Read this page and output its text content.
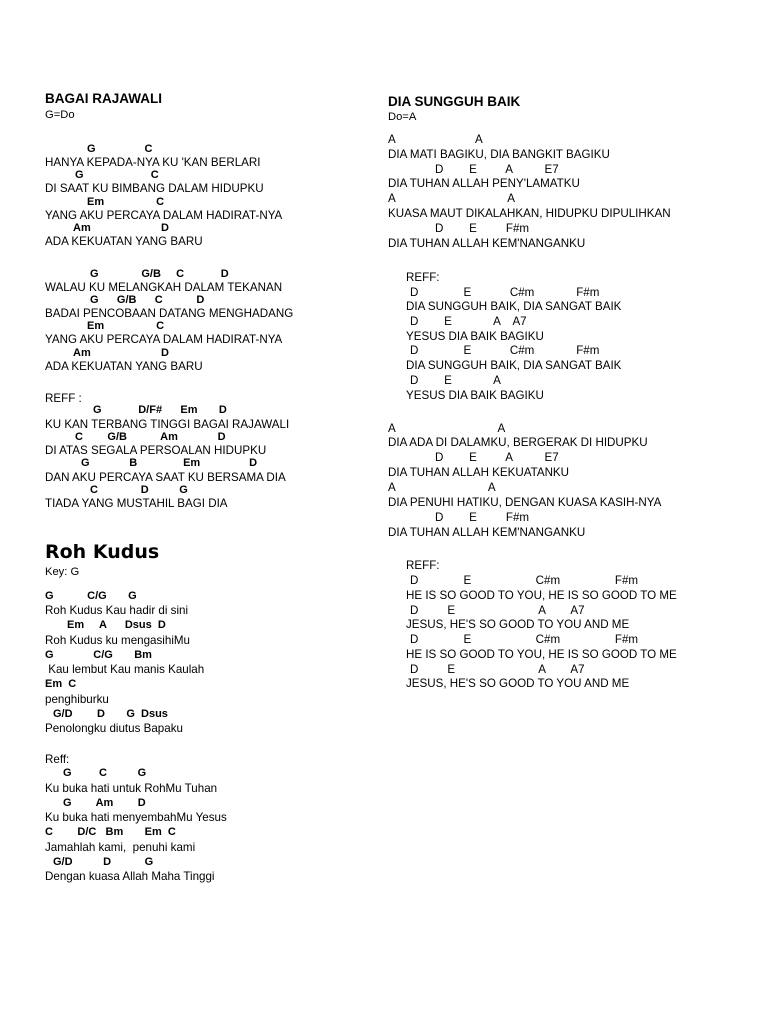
BAGAI RAJAWALI
G=Do
G                C
HANYA KEPADA-NYA KU 'KAN BERLARI
G                      C
DI SAAT KU BIMBANG DALAM HIDUPKU
Em                 C
YANG AKU PERCAYA DALAM HADIRAT-NYA
Am                       D
ADA KEKUATAN YANG BARU
G              G/B     C            D
WALAU KU MELANGKAH DALAM TEKANAN
G      G/B      C           D
BADAI PENCOBAAN DATANG MENGHADANG
Em                 C
YANG AKU PERCAYA DALAM HADIRAT-NYA
Am                       D
ADA KEKUATAN YANG BARU
REFF :
G            D/F#      Em       D
KU KAN TERBANG TINGGI BAGAI RAJAWALI
C        G/B           Am             D
DI ATAS SEGALA PERSOALAN HIDUPKU
G             B               Em                D
DAN AKU PERCAYA SAAT KU BERSAMA DIA
C              D          G
TIADA YANG MUSTAHIL BAGI DIA
Roh Kudus
Key: G
G           C/G       G
Roh Kudus Kau hadir di sini
Em     A      Dsus  D
Roh Kudus ku mengasihiMu
G             C/G       Bm
Kau lembut Kau manis Kaulah
Em  C
penghiburku
G/D        D       G  Dsus
Penolongku diutus Bapaku
Reff:
G         C          G
Ku buka hati untuk RohMu Tuhan
G        Am        D
Ku buka hati menyembahMu Yesus
C        D/C   Bm       Em  C
Jamahlah kami,  penuhi kami
G/D          D           G
Dengan kuasa Allah Maha Tinggi
DIA SUNGGUH BAIK
Do=A
A                         A
DIA MATI BAGIKU, DIA BANGKIT BAGIKU
D        E         A          E7
DIA TUHAN ALLAH PENY'LAMATKU
A                                   A
KUASA MAUT DIKALAHKAN, HIDUPKU DIPULIHKAN
D        E         F#m
DIA TUHAN ALLAH KEM'NANGANKU
REFF:
D              E            C#m             F#m
DIA SUNGGUH BAIK, DIA SANGAT BAIK
D        E             A    A7
YESUS DIA BAIK BAGIKU
D              E            C#m             F#m
DIA SUNGGUH BAIK, DIA SANGAT BAIK
D        E             A
YESUS DIA BAIK BAGIKU
A                                A
DIA ADA DI DALAMKU, BERGERAK DI HIDUPKU
D        E         A          E7
DIA TUHAN ALLAH KEKUATANKU
A                             A
DIA PENUHI HATIKU, DENGAN KUASA KASIH-NYA
D        E         F#m
DIA TUHAN ALLAH KEM'NANGANKU
REFF:
D              E                    C#m                 F#m
HE IS SO GOOD TO YOU, HE IS SO GOOD TO ME
D         E                          A        A7
JESUS, HE'S SO GOOD TO YOU AND ME
D              E                    C#m                 F#m
HE IS SO GOOD TO YOU, HE IS SO GOOD TO ME
D         E                          A        A7
JESUS, HE'S SO GOOD TO YOU AND ME
